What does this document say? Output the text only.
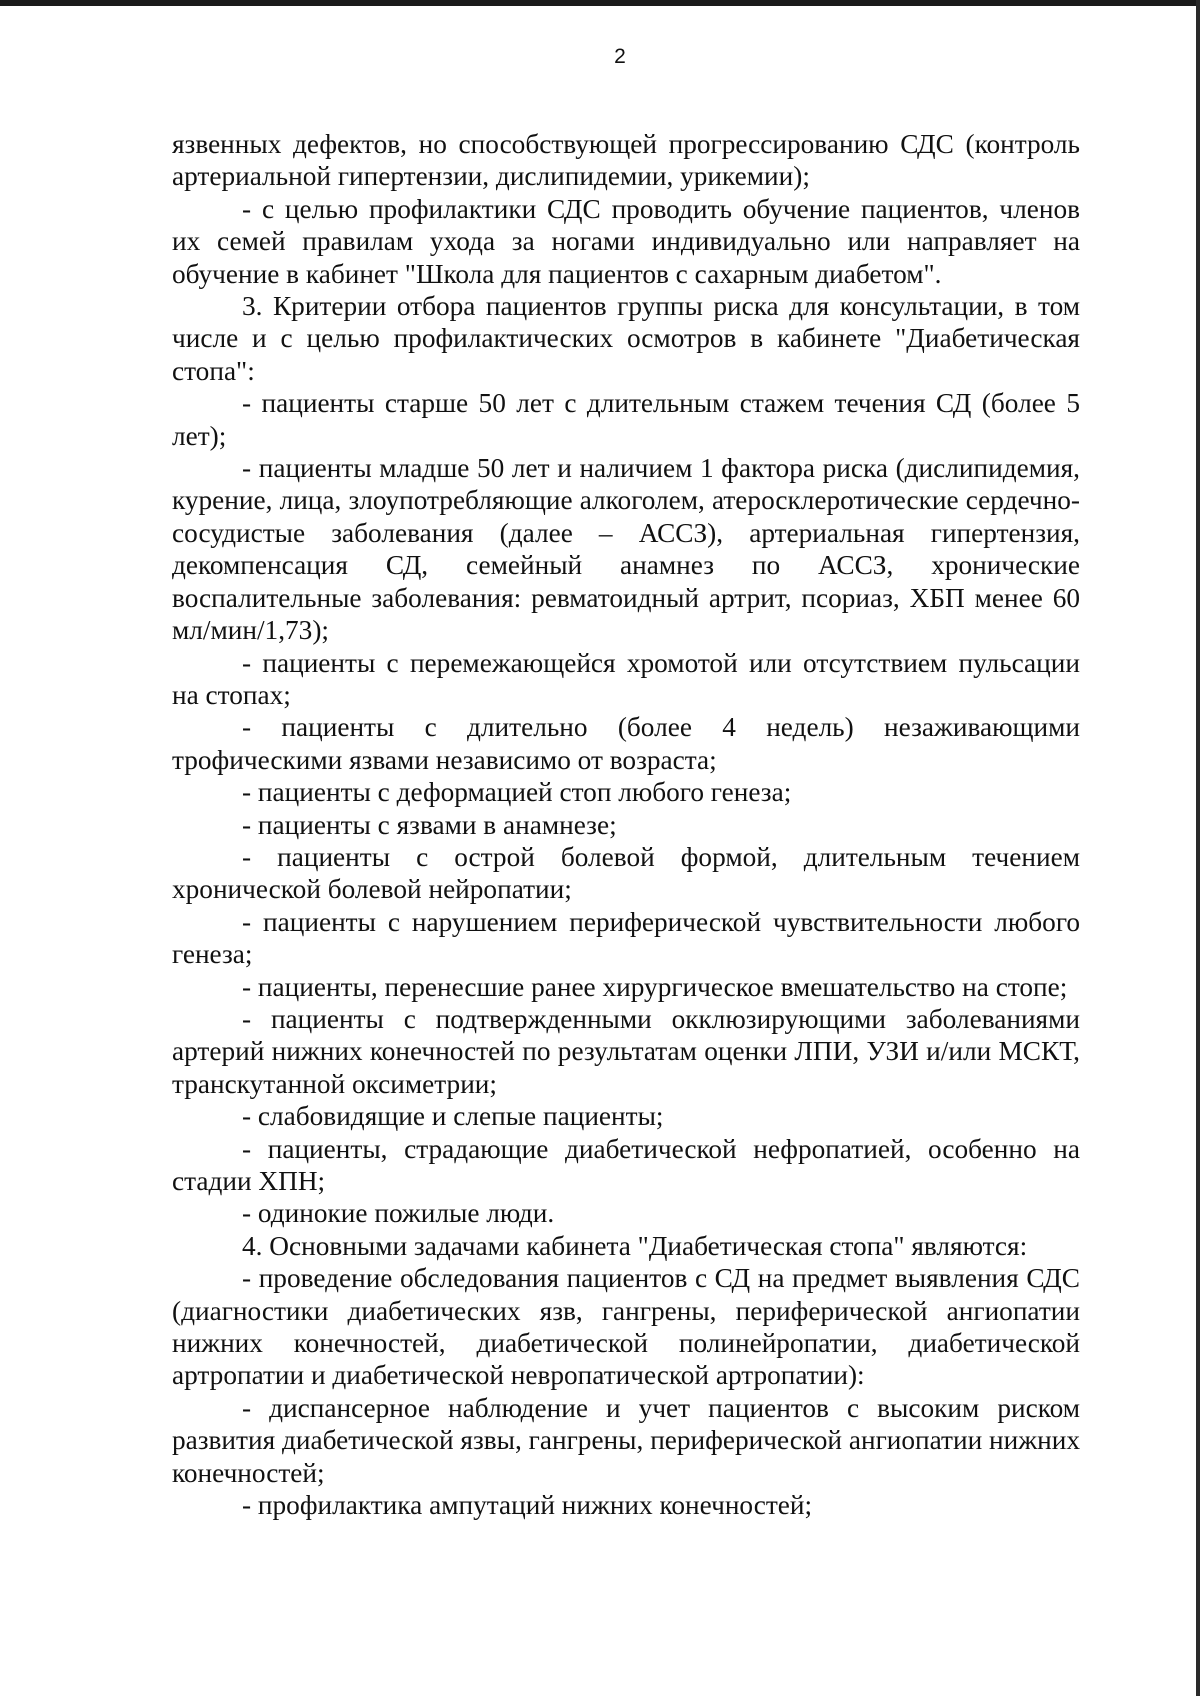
2

язвенных дефектов, но способствующей прогрессированию СДС (контроль артериальной гипертензии, дислипидемии, урикемии);

- с целью профилактики СДС проводить обучение пациентов, членов их семей правилам ухода за ногами индивидуально или направляет на обучение в кабинет "Школа для пациентов с сахарным диабетом".

3. Критерии отбора пациентов группы риска для консультации, в том числе и с целью профилактических осмотров в кабинете "Диабетическая стопа":

- пациенты старше 50 лет с длительным стажем течения СД (более 5 лет);

- пациенты младше 50 лет и наличием 1 фактора риска (дислипидемия, курение, лица, злоупотребляющие алкоголем, атеросклеротические сердечно-сосудистые заболевания (далее – АССЗ), артериальная гипертензия, декомпенсация СД, семейный анамнез по АССЗ, хронические воспалительные заболевания: ревматоидный артрит, псориаз, ХБП менее 60 мл/мин/1,73);

- пациенты с перемежающейся хромотой или отсутствием пульсации на стопах;

- пациенты с длительно (более 4 недель) незаживающими трофическими язвами независимо от возраста;

- пациенты с деформацией стоп любого генеза;

- пациенты с язвами в анамнезе;

- пациенты с острой болевой формой, длительным течением хронической болевой нейропатии;

- пациенты с нарушением периферической чувствительности любого генеза;

- пациенты, перенесшие ранее хирургическое вмешательство на стопе;

- пациенты с подтвержденными окклюзирующими заболеваниями артерий нижних конечностей по результатам оценки ЛПИ, УЗИ и/или МСКТ, транскутанной оксиметрии;

- слабовидящие и слепые пациенты;

- пациенты, страдающие диабетической нефропатией, особенно на стадии ХПН;

- одинокие пожилые люди.

4. Основными задачами кабинета "Диабетическая стопа" являются:

- проведение обследования пациентов с СД на предмет выявления СДС (диагностики диабетических язв, гангрены, периферической ангиопатии нижних конечностей, диабетической полинейропатии, диабетической артропатии и диабетической невропатической артропатии):

- диспансерное наблюдение и учет пациентов с высоким риском развития диабетической язвы, гангрены, периферической ангиопатии нижних конечностей;

- профилактика ампутаций нижних конечностей;
